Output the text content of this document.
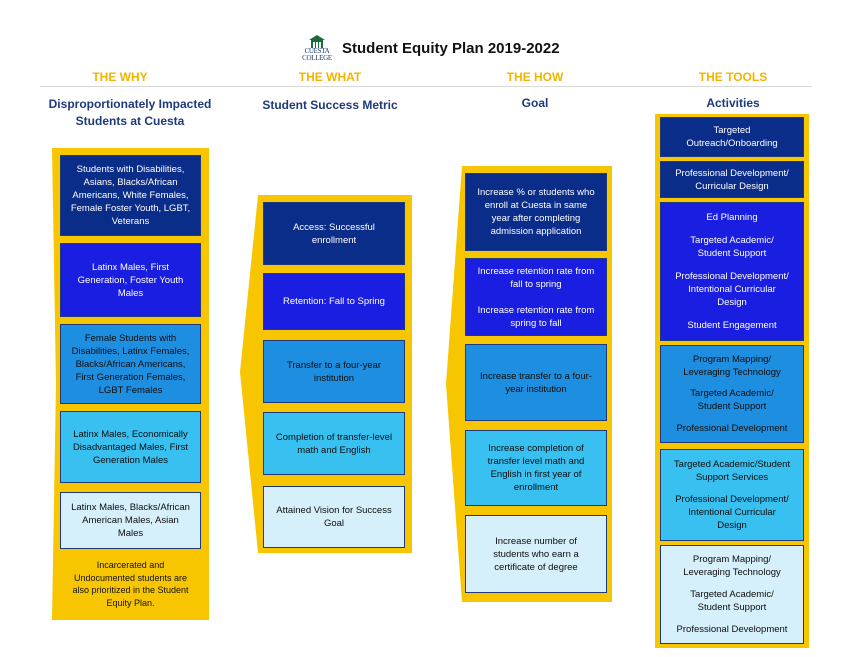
CUESTA
COLLEGE
Student Equity Plan 2019-2022
THE WHY	THE WHAT	THE HOW	THE TOOLS
Disproportionately Impacted
Students at Cuesta
Student Success Metric	Goal	Activities
Students with Disabilities,
Asians, Blacks/African
Americans, White Females,
Female Foster Youth, LGBT,
Veterans
Latinx Males, First
Generation, Foster Youth
Males
Female Students with
Disabilities, Latinx Females,
Blacks/African Americans,
First Generation Females,
LGBT Females
Latinx Males, Economically
Disadvantaged Males, First
Generation Males
Latinx Males, Blacks/African
American Males, Asian
Males
Incarcerated and
Undocumented students are
also prioritized in the Student
Equity Plan.
Access: Successful
enrollment
Retention: Fall to Spring
Transfer to a four-year
institution
Completion of transfer-level
math and English
Attained Vision for Success
Goal
Increase % or students who
enroll at Cuesta in same
year after completing
admission application
Increase retention rate from
fall to spring

Increase retention rate from
spring to fall
Increase transfer to a four-
year institution
Increase completion of
transfer level math and
English in first year of
enrollment
Increase number of
students who earn a
certificate of degree
Targeted
Outreach/Onboarding
Professional Development/
Curricular Design
Ed Planning
Targeted Academic/
Student Support
Professional Development/
Intentional Curricular
Design
Student Engagement
Program Mapping/
Leveraging Technology
Targeted Academic/
Student Support
Professional Development
Targeted Academic/Student
Support Services
Professional Development/
Intentional Curricular
Design
Program Mapping/
Leveraging Technology
Targeted Academic/
Student Support
Professional Development
